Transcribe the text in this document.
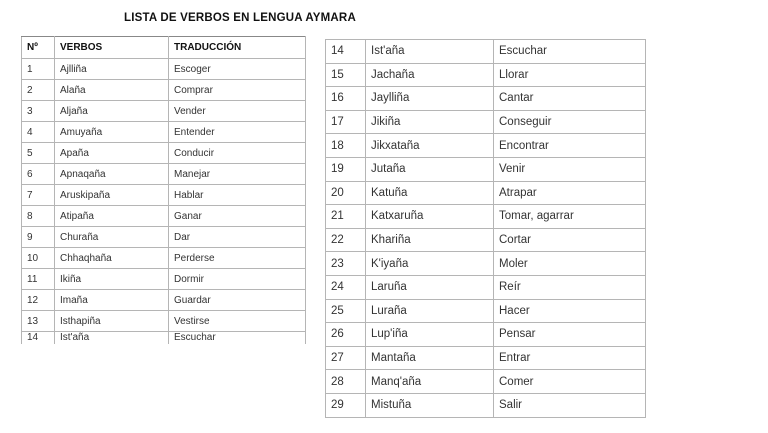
LISTA DE VERBOS EN LENGUA AYMARA
Nº	VERBOS	TRADUCCIÓN
1	Ajlliña	Escoger
2	Alaña	Comprar
3	Aljaña	Vender
4	Amuyaña	Entender
5	Apaña	Conducir
6	Apnaqaña	Manejar
7	Aruskipaña	Hablar
8	Atipaña	Ganar
9	Churaña	Dar
10	Chhaqhaña	Perderse
11	Ikiña	Dormir
12	Imaña	Guardar
13	Isthapiña	Vestirse
14	Ist'aña	Escuchar
14	Ist'aña	Escuchar
15	Jachaña	Llorar
16	Jaylliña	Cantar
17	Jikiña	Conseguir
18	Jikxataña	Encontrar
19	Jutaña	Venir
20	Katuña	Atrapar
21	Katxaruña	Tomar, agarrar
22	Khariña	Cortar
23	K'iyaña	Moler
24	Laruña	Reír
25	Luraña	Hacer
26	Lup'iña	Pensar
27	Mantaña	Entrar
28	Manq'aña	Comer
29	Mistuña	Salir
